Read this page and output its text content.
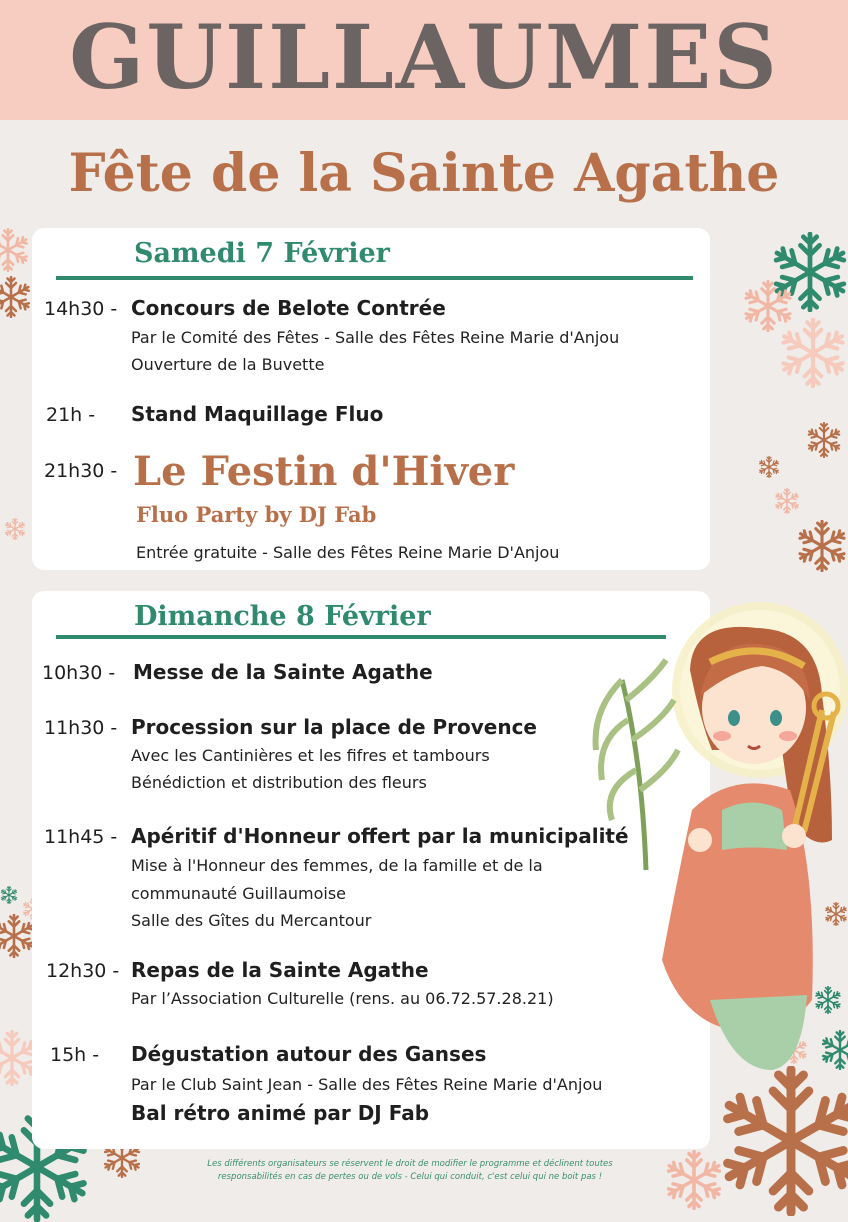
GUILLAUMES
Fête de la Sainte Agathe
Samedi 7 Février
14h30 - Concours de Belote Contrée
Par le Comité des Fêtes - Salle des Fêtes Reine Marie d'Anjou
Ouverture de la Buvette
21h - Stand Maquillage Fluo
21h30 - Le Festin d'Hiver
Fluo Party by DJ Fab
Entrée gratuite - Salle des Fêtes Reine Marie D'Anjou
Dimanche 8 Février
10h30 - Messe de la Sainte Agathe
11h30 - Procession sur la place de Provence
Avec les Cantinières et les fifres et tambours
Bénédiction et distribution des fleurs
11h45 - Apéritif d'Honneur offert par la municipalité
Mise à l'Honneur des femmes, de la famille et de la
communauté Guillaumoise
Salle des Gîtes du Mercantour
12h30 - Repas de la Sainte Agathe
Par l’Association Culturelle (rens. au 06.72.57.28.21)
15h - Dégustation autour des Ganses
Par le Club Saint Jean - Salle des Fêtes Reine Marie d'Anjou
Bal rétro animé par DJ Fab
Les différents organisateurs se réservent le droit de modifier le programme et déclinent toutes
responsabilités en cas de pertes ou de vols - Celui qui conduit, c'est celui qui ne boit pas !
